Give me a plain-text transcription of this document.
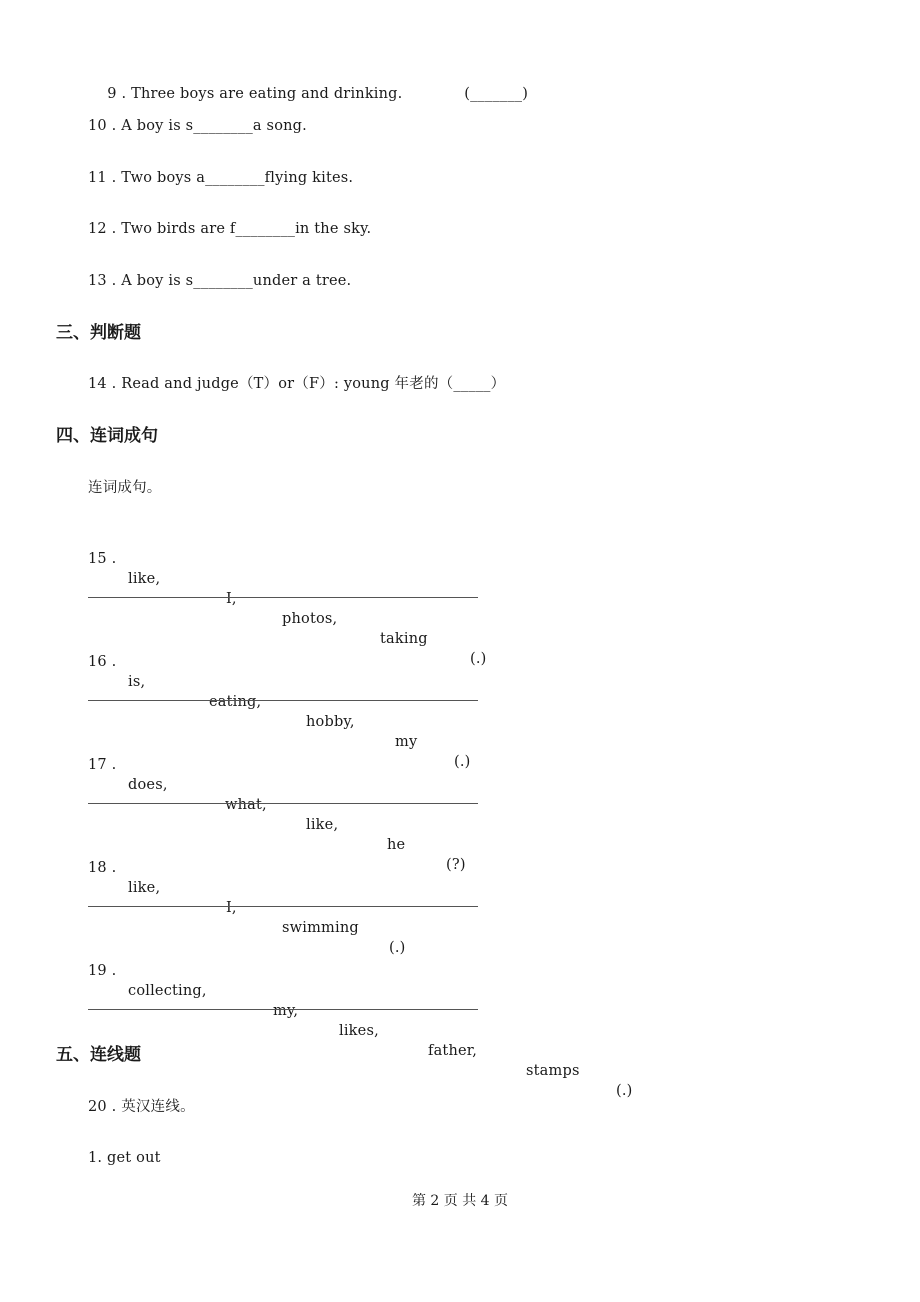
9 . Three boys are eating and drinking.
	(_______)

10 . A boy is s________a song.
11 . Two boys a________flying kites.
12 . Two birds are f________in the sky.
13 . A boy is s________under a tree.
三、判断题
14 . Read and judge（T）or（F）: young 年老的（_____）
四、连词成句
连词成句。

15 .

like,

I,

photos,

taking

(.)

16 .

is,

eating,

hobby,

my

(.)

17 .

does,

what,

like,

he

(?)

18 .

like,

I,

swimming

(.)

19 .

collecting,

my,

likes,

father,

stamps

(.)

五、连线题
20 . 英汉连线。
1. get out
第 2 页 共 4 页
